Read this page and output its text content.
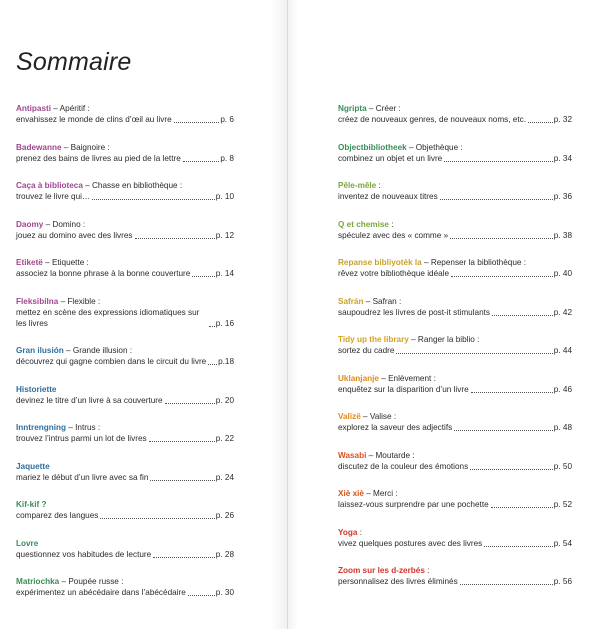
Sommaire
Antipasti – Apéritif :
envahissez le monde de clins d’œil au livre	p. 6
Badewanne – Baignoire :
prenez des bains de livres au pied de la lettre	p. 8
Caça à biblioteca – Chasse en bibliothèque :
trouvez le livre qui…	p. 10
Daomy – Domino :
jouez au domino avec des livres	p. 12
Etiketë – Etiquette :
associez la bonne phrase à la bonne couverture	p. 14
Fleksibilna – Flexible :
mettez en scène des expressions idiomatiques sur les livres	p. 16
Gran ilusión – Grande illusion :
découvrez qui gagne combien dans le circuit du livre p.18
Historiette
devinez le titre d’un livre à sa couverture	p. 20
Inntrengning – Intrus :
trouvez l’intrus parmi un lot de livres	p. 22
Jaquette
mariez le début d’un livre avec sa fin	p. 24
Kif-kif ?
comparez des langues	p. 26
Lovre
questionnez vos habitudes de lecture	p. 28
Matriochka – Poupée russe :
expérimentez un abécédaire dans l’abécédaire	p. 30
Ngripta – Créer :
créez de nouveaux genres, de nouveaux noms, etc.	p. 32
Objectbibliotheek – Objethèque :
combinez un objet et un livre	p. 34
Pêle-mêle :
inventez de nouveaux titres	p. 36
Q et chemise :
spéculez avec des « comme »	p. 38
Repanse bibliyotèk la – Repenser la bibliothèque :
rêvez votre bibliothèque idéale	p. 40
Safrán – Safran :
saupoudrez les livres de post-it stimulants	p. 42
Tidy up the library – Ranger la biblio :
sortez du cadre	p. 44
Uklanjanje – Enlèvement :
enquêtez sur la disparition d’un livre	p. 46
Valizë – Valise :
explorez la saveur des adjectifs	p. 48
Wasabi – Moutarde :
discutez de la couleur des émotions	p. 50
Xiè xiè – Merci :
laissez-vous surprendre par une pochette	p. 52
Yoga :
vivez quelques postures avec des livres	p. 54
Zoom sur les d-zerbés :
personnalisez des livres éliminés	p. 56
